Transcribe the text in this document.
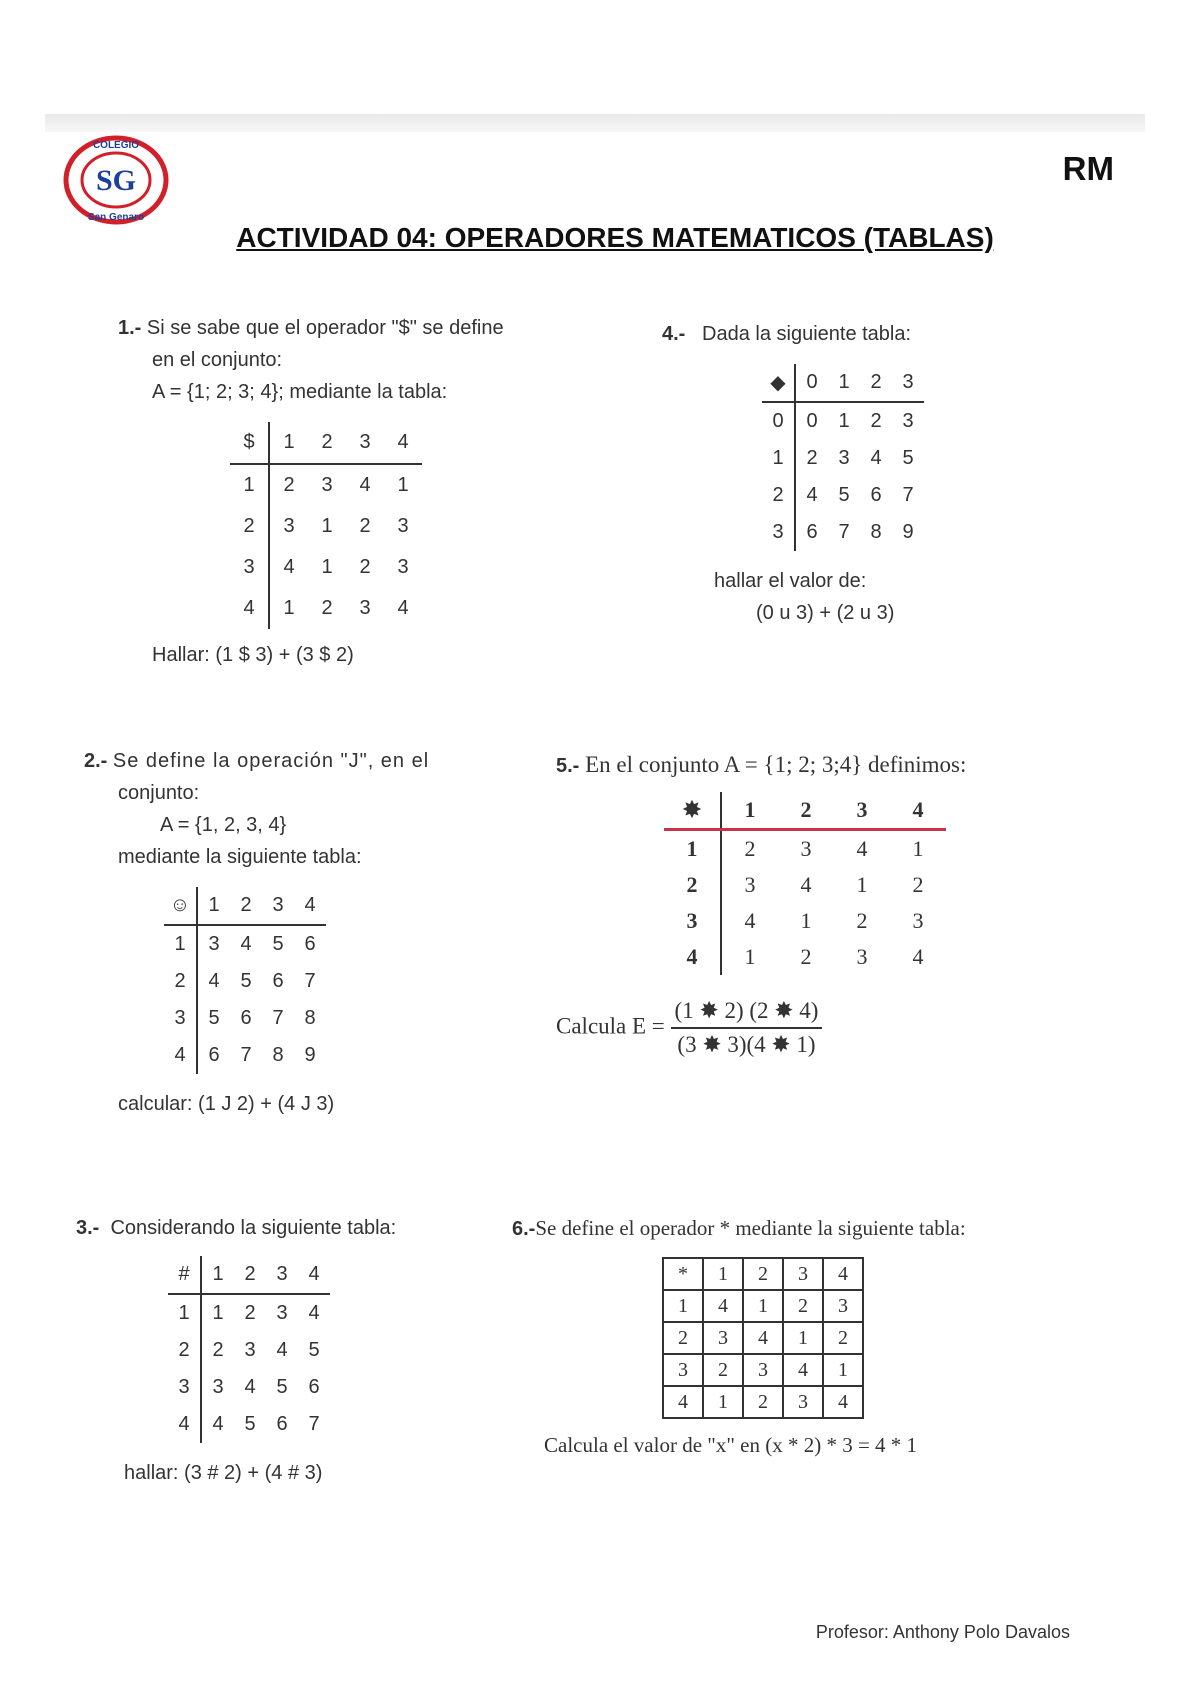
SG
COLEGIO
San Genaro
RM
ACTIVIDAD 04: OPERADORES MATEMATICOS (TABLAS)
1.- Si se sabe que el operador "$" se define
en el conjunto:
A = {1; 2; 3; 4}; mediante la tabla:
$	1	2	3	4
1	2	3	4	1
2	3	1	2	3
3	4	1	2	3
4	1	2	3	4
Hallar: (1 $ 3) + (3 $ 2)
4.- Dada la siguiente tabla:
◆	0	1	2	3
0	0	1	2	3
1	2	3	4	5
2	4	5	6	7
3	6	7	8	9
hallar el valor de:
(0 u 3) + (2 u 3)
2.- Se define la operación "J", en el
conjunto:
A = {1, 2, 3, 4}
mediante la siguiente tabla:
☺	1	2	3	4
1	3	4	5	6
2	4	5	6	7
3	5	6	7	8
4	6	7	8	9
calcular: (1 J 2) + (4 J 3)
5.- En el conjunto A = {1; 2; 3;4} definimos:
✸	1	2	3	4
1	2	3	4	1
2	3	4	1	2
3	4	1	2	3
4	1	2	3	4
Calcula $E = \frac{(1 ✸ 2) (2 ✸ 4)}{(3 ✸ 3)(4 ✸ 1)}$
3.- Considerando la siguiente tabla:
#	1	2	3	4
1	1	2	3	4
2	2	3	4	5
3	3	4	5	6
4	4	5	6	7
hallar: (3 # 2) + (4 # 3)
6.-Se define el operador * mediante la siguiente tabla:
*	1	2	3	4
1	4	1	2	3
2	3	4	1	2
3	2	3	4	1
4	1	2	3	4
Calcula el valor de "x" en (x * 2) * 3 = 4 * 1
Profesor: Anthony Polo Davalos
